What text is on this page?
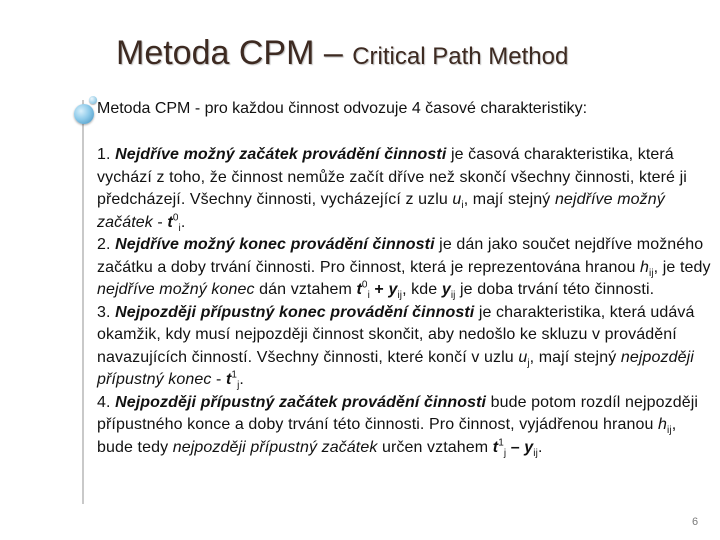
Metoda CPM – Critical Path Method
Metoda CPM - pro každou činnost odvozuje 4 časové charakteristiky:

1. Nejdříve možný začátek provádění činnosti je časová charakteristika, která vychází z toho, že činnost nemůže začít dříve než skončí všechny činnosti, které ji předcházejí. Všechny činnosti, vycházející z uzlu $u_i$, mají stejný nejdříve možný začátek - $t^0_i$.

2. Nejdříve možný konec provádění činnosti je dán jako součet nejdříve možného začátku a doby trvání činnosti. Pro činnost, která je reprezentována hranou $h_{ij}$, je tedy nejdříve možný konec dán vztahem $t^0_i + y_{ij}$, kde $y_{ij}$ je doba trvání této činnosti.

3. Nejpozději přípustný konec provádění činnosti je charakteristika, která udává okamžik, kdy musí nejpozději činnost skončit, aby nedošlo ke skluzu v provádění navazujících činností. Všechny činnosti, které končí v uzlu $u_j$, mají stejný nejpozději přípustný konec - $t^1_j$.

4. Nejpozději přípustný začátek provádění činnosti bude potom rozdíl nejpozději přípustného konce a doby trvání této činnosti. Pro činnost, vyjádřenou hranou $h_{ij}$, bude tedy nejpozději přípustný začátek určen vztahem $t^1_j - y_{ij}$.

6
